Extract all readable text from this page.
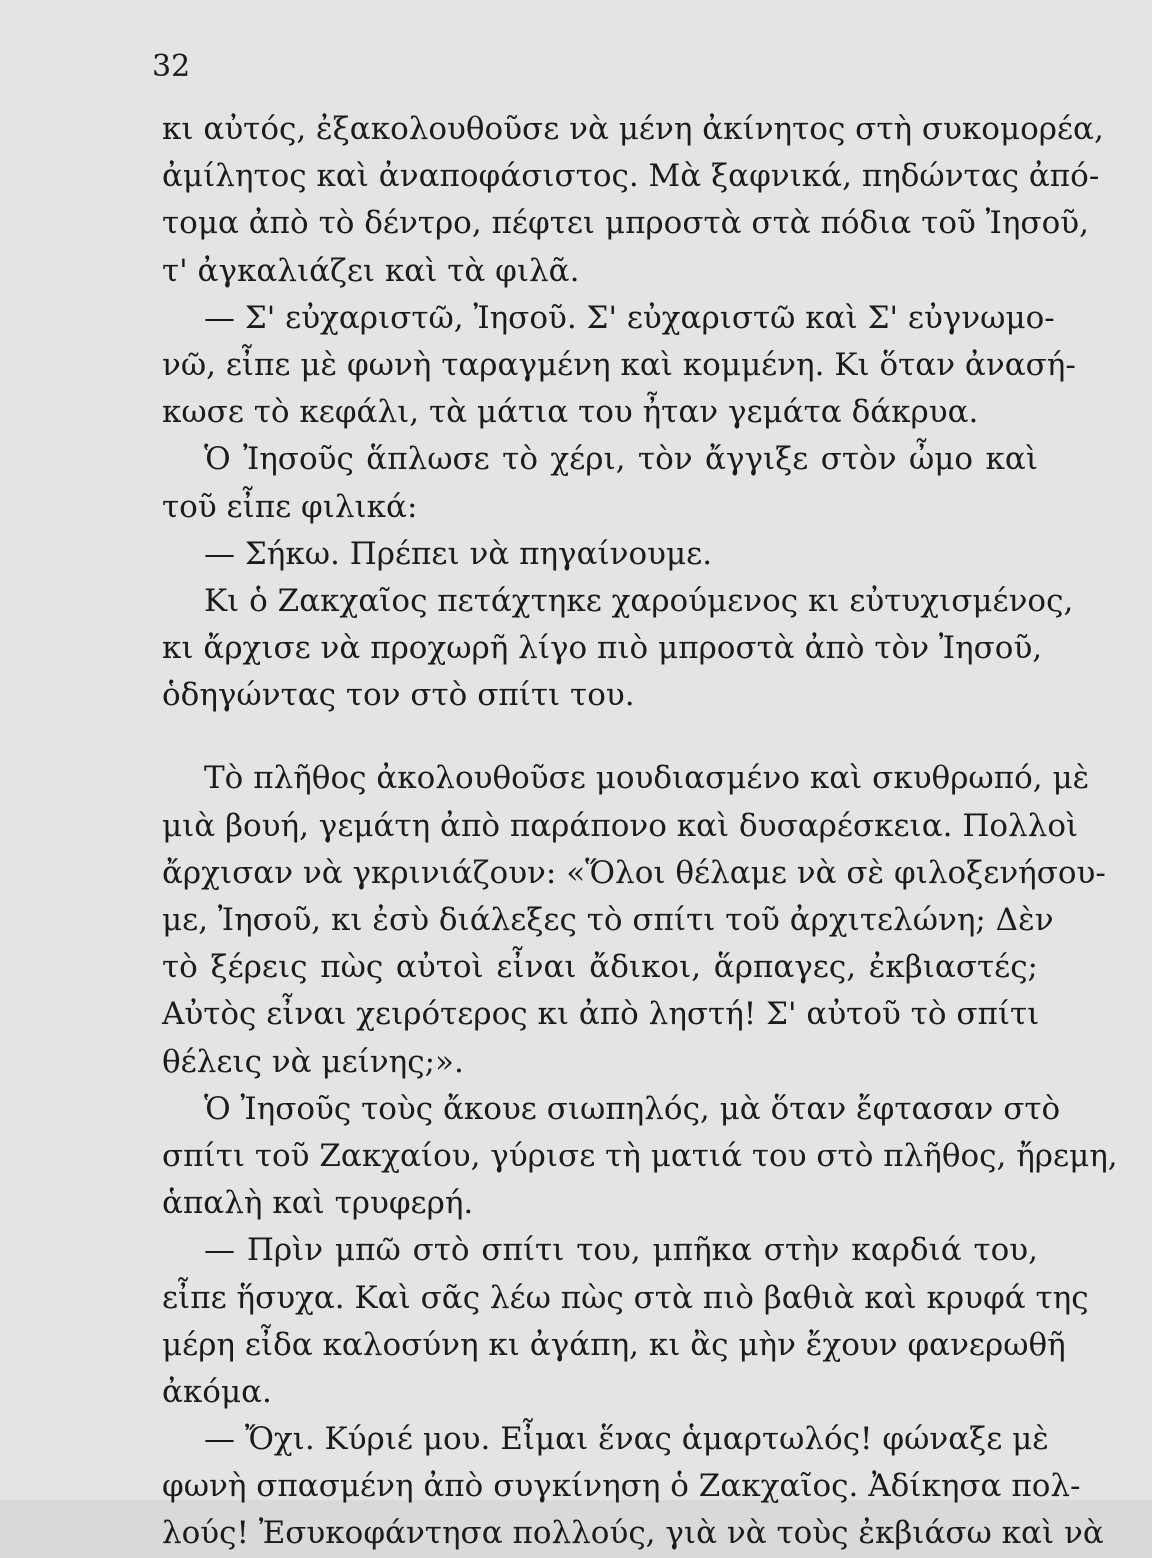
32
κι αὐτός, ἐξακολουθοῦσε νὰ μένη ἀκίνητος στὴ συκομορέα,
ἀμίλητος καὶ ἀναποφάσιστος. Μὰ ξαφνικά, πηδώντας ἀπό-
τομα ἀπὸ τὸ δέντρο, πέφτει μπροστὰ στὰ πόδια τοῦ Ἰησοῦ,
τ' ἀγκαλιάζει καὶ τὰ φιλᾶ.
— Σ' εὐχαριστῶ, Ἰησοῦ. Σ' εὐχαριστῶ καὶ Σ' εὐγνωμο-
νῶ, εἶπε μὲ φωνὴ ταραγμένη καὶ κομμένη. Κι ὅταν ἀνασή-
κωσε τὸ κεφάλι, τὰ μάτια του ἦταν γεμάτα δάκρυα.
Ὁ Ἰησοῦς ἅπλωσε τὸ χέρι, τὸν ἄγγιξε στὸν ὦμο καὶ
τοῦ εἶπε φιλικά:
— Σήκω. Πρέπει νὰ πηγαίνουμε.
Κι ὁ Ζακχαῖος πετάχτηκε χαρούμενος κι εὐτυχισμένος,
κι ἄρχισε νὰ προχωρῆ λίγο πιὸ μπροστὰ ἀπὸ τὸν Ἰησοῦ,
ὁδηγώντας τον στὸ σπίτι του.
Τὸ πλῆθος ἀκολουθοῦσε μουδιασμένο καὶ σκυθρωπό, μὲ
μιὰ βουή, γεμάτη ἀπὸ παράπονο καὶ δυσαρέσκεια. Πολλοὶ
ἄρχισαν νὰ γκρινιάζουν: «Ὅλοι θέλαμε νὰ σὲ φιλοξενήσου-
με, Ἰησοῦ, κι ἐσὺ διάλεξες τὸ σπίτι τοῦ ἀρχιτελώνη; Δὲν
τὸ ξέρεις πὼς αὐτοὶ εἶναι ἄδικοι, ἅρπαγες, ἐκβιαστές;
Αὐτὸς εἶναι χειρότερος κι ἀπὸ ληστή! Σ' αὐτοῦ τὸ σπίτι
θέλεις νὰ μείνης;».
Ὁ Ἰησοῦς τοὺς ἄκουε σιωπηλός, μὰ ὅταν ἔφτασαν στὸ
σπίτι τοῦ Ζακχαίου, γύρισε τὴ ματιά του στὸ πλῆθος, ἤρεμη,
ἁπαλὴ καὶ τρυφερή.
— Πρὶν μπῶ στὸ σπίτι του, μπῆκα στὴν καρδιά του,
εἶπε ἥσυχα. Καὶ σᾶς λέω πὼς στὰ πιὸ βαθιὰ καὶ κρυφά της
μέρη εἶδα καλοσύνη κι ἀγάπη, κι ἂς μὴν ἔχουν φανερωθῆ
ἀκόμα.
— Ὄχι. Κύριέ μου. Εἶμαι ἕνας ἁμαρτωλός! φώναξε μὲ
φωνὴ σπασμένη ἀπὸ συγκίνηση ὁ Ζακχαῖος. Ἀδίκησα πολ-
λούς! Ἐσυκοφάντησα πολλούς, γιὰ νὰ τοὺς ἐκβιάσω καὶ νὰ
